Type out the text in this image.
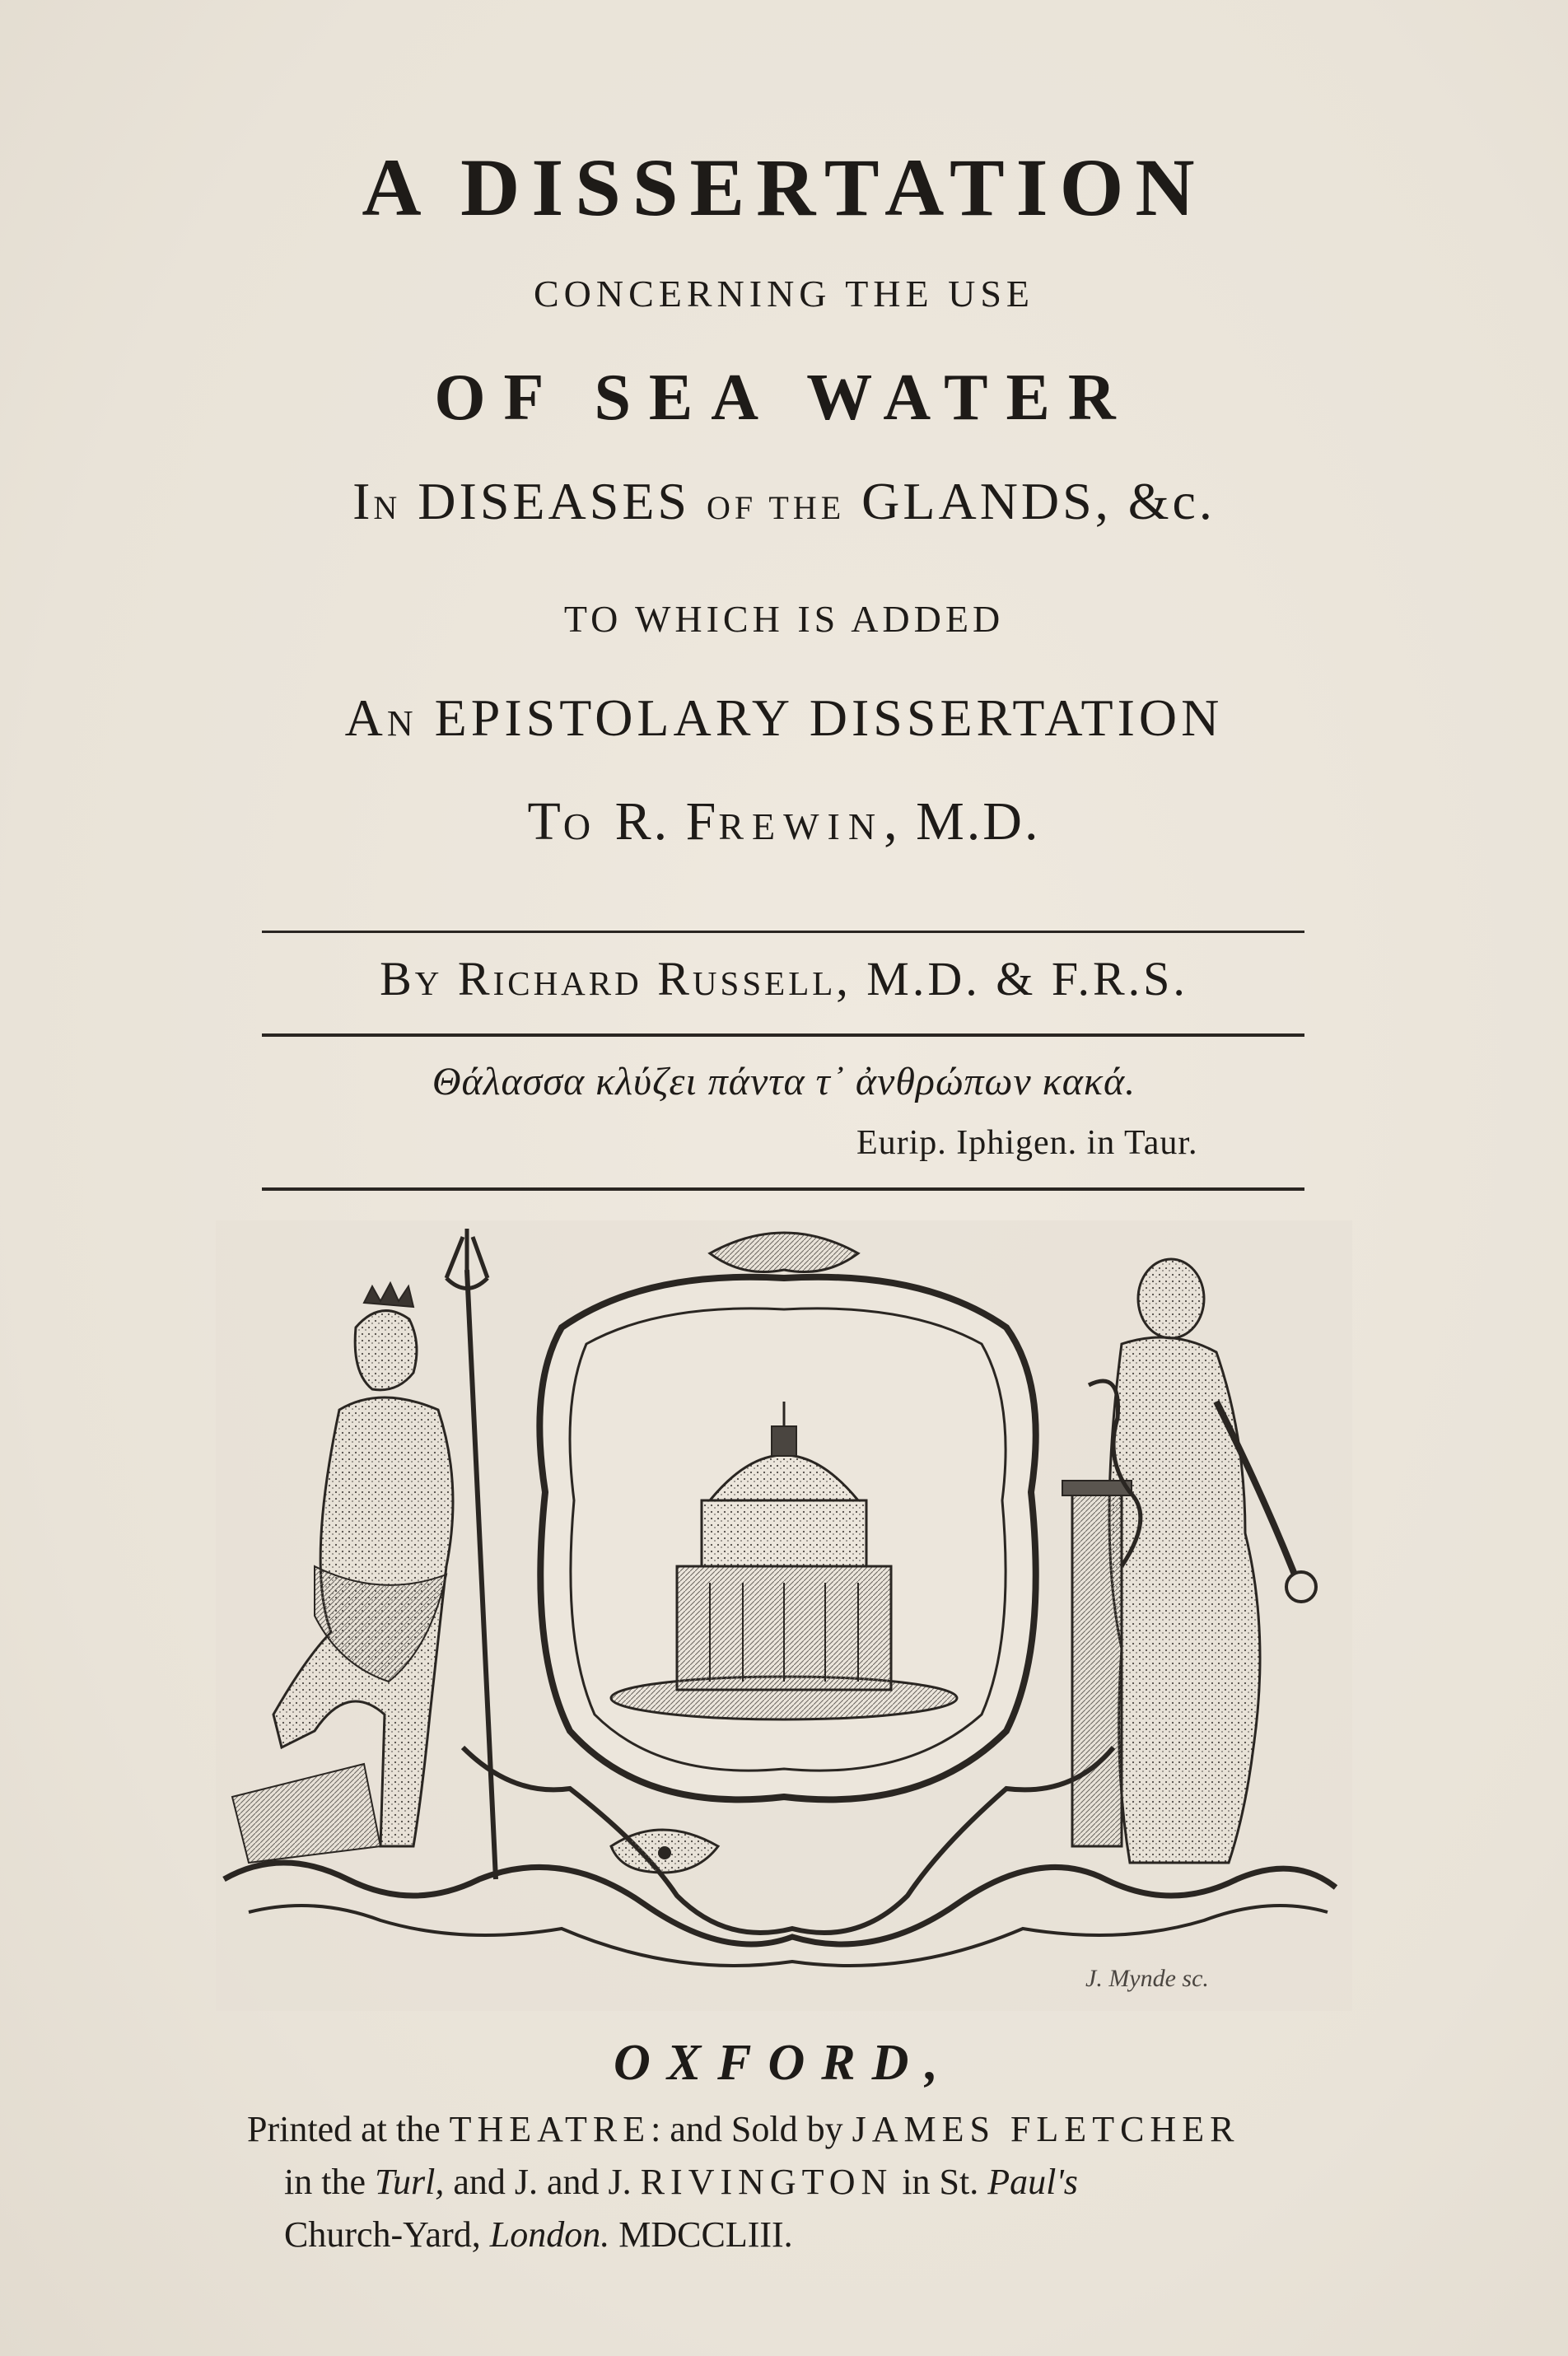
A DISSERTATION
CONCERNING THE USE
OF SEA WATER
IN DISEASES OF THE GLANDS, &c.
TO WHICH IS ADDED
AN EPISTOLARY DISSERTATION
TO R. FREWIN, M.D.
By Richard Russell, M.D. & F.R.S.
Θάλασσα κλύζει πάντα τ᾽ ἀνθρώπων κακά.
Eurip. Iphigen. in Taur.
J. Mynde sc.
OXFORD,
Printed at the THEATRE: and Sold by JAMES FLETCHER
in the Turl, and J. and J. RIVINGTON in St. Paul's
Church-Yard, London. MDCCLIII.
